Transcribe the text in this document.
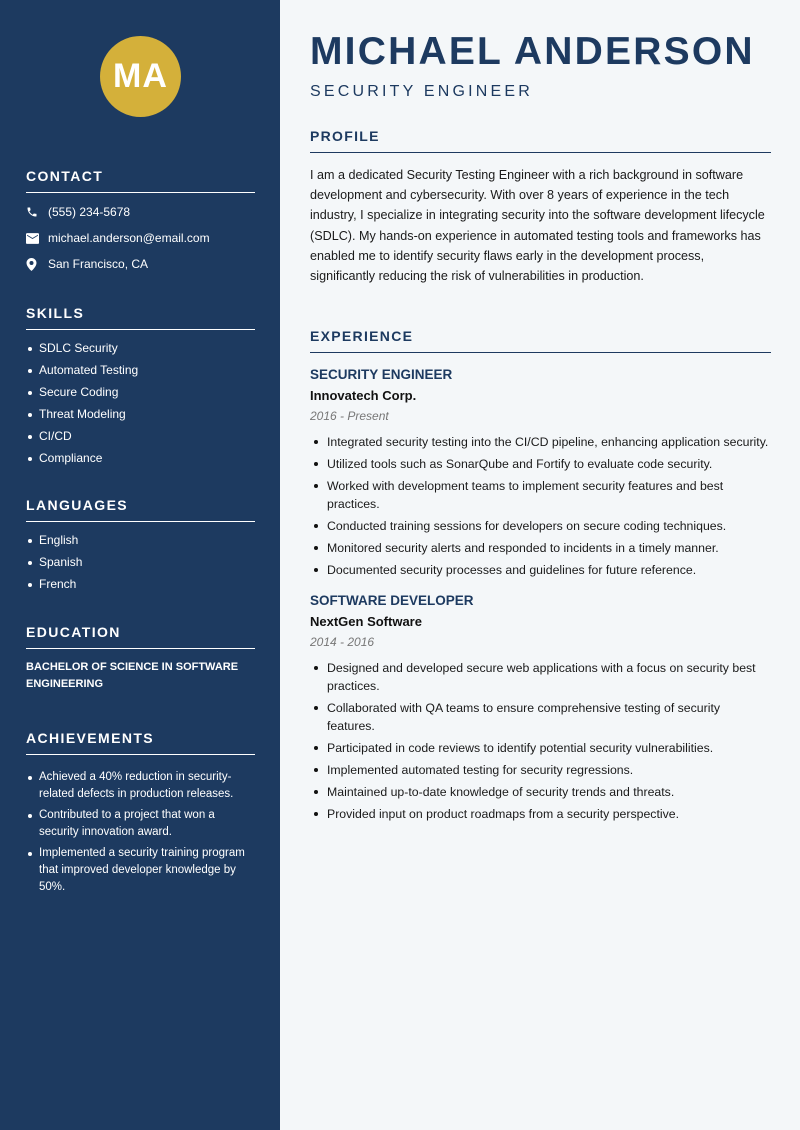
MA
CONTACT
(555) 234-5678
michael.anderson@email.com
San Francisco, CA
SKILLS
SDLC Security
Automated Testing
Secure Coding
Threat Modeling
CI/CD
Compliance
LANGUAGES
English
Spanish
French
EDUCATION
BACHELOR OF SCIENCE IN SOFTWARE ENGINEERING
ACHIEVEMENTS
Achieved a 40% reduction in security-related defects in production releases.
Contributed to a project that won a security innovation award.
Implemented a security training program that improved developer knowledge by 50%.
MICHAEL ANDERSON
SECURITY ENGINEER
PROFILE

I am a dedicated Security Testing Engineer with a rich background in software development and cybersecurity. With over 8 years of experience in the tech industry, I specialize in integrating security into the software development lifecycle (SDLC). My hands-on experience in automated testing tools and frameworks has enabled me to identify security flaws early in the development process, significantly reducing the risk of vulnerabilities in production.

EXPERIENCE
SECURITY ENGINEER
Innovatech Corp.
2016 - Present
Integrated security testing into the CI/CD pipeline, enhancing application security.
Utilized tools such as SonarQube and Fortify to evaluate code security.
Worked with development teams to implement security features and best practices.
Conducted training sessions for developers on secure coding techniques.
Monitored security alerts and responded to incidents in a timely manner.
Documented security processes and guidelines for future reference.
SOFTWARE DEVELOPER
NextGen Software
2014 - 2016
Designed and developed secure web applications with a focus on security best practices.
Collaborated with QA teams to ensure comprehensive testing of security features.
Participated in code reviews to identify potential security vulnerabilities.
Implemented automated testing for security regressions.
Maintained up-to-date knowledge of security trends and threats.
Provided input on product roadmaps from a security perspective.
